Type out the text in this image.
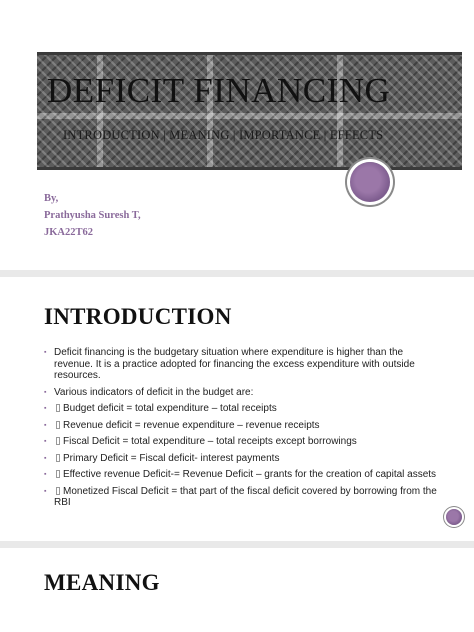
DEFICIT FINANCING
INTRODUCTION | MEANING | IMPORTANCE | EFFECTS
By,
Prathyusha Suresh T,
JKA22T62
INTRODUCTION
▪ Deficit financing is the budgetary situation where expenditure is higher than the revenue. It is a practice adopted for financing the excess expenditure with outside resources.
▪ Various indicators of deficit in the budget are:
▪ Budget deficit = total expenditure – total receipts
▪ Revenue deficit = revenue expenditure – revenue receipts
▪ Fiscal Deficit = total expenditure – total receipts except borrowings
▪ Primary Deficit = Fiscal deficit- interest payments
▪ Effective revenue Deficit-= Revenue Deficit – grants for the creation of capital assets
▪ Monetized Fiscal Deficit = that part of the fiscal deficit covered by borrowing from the RBI
MEANING
